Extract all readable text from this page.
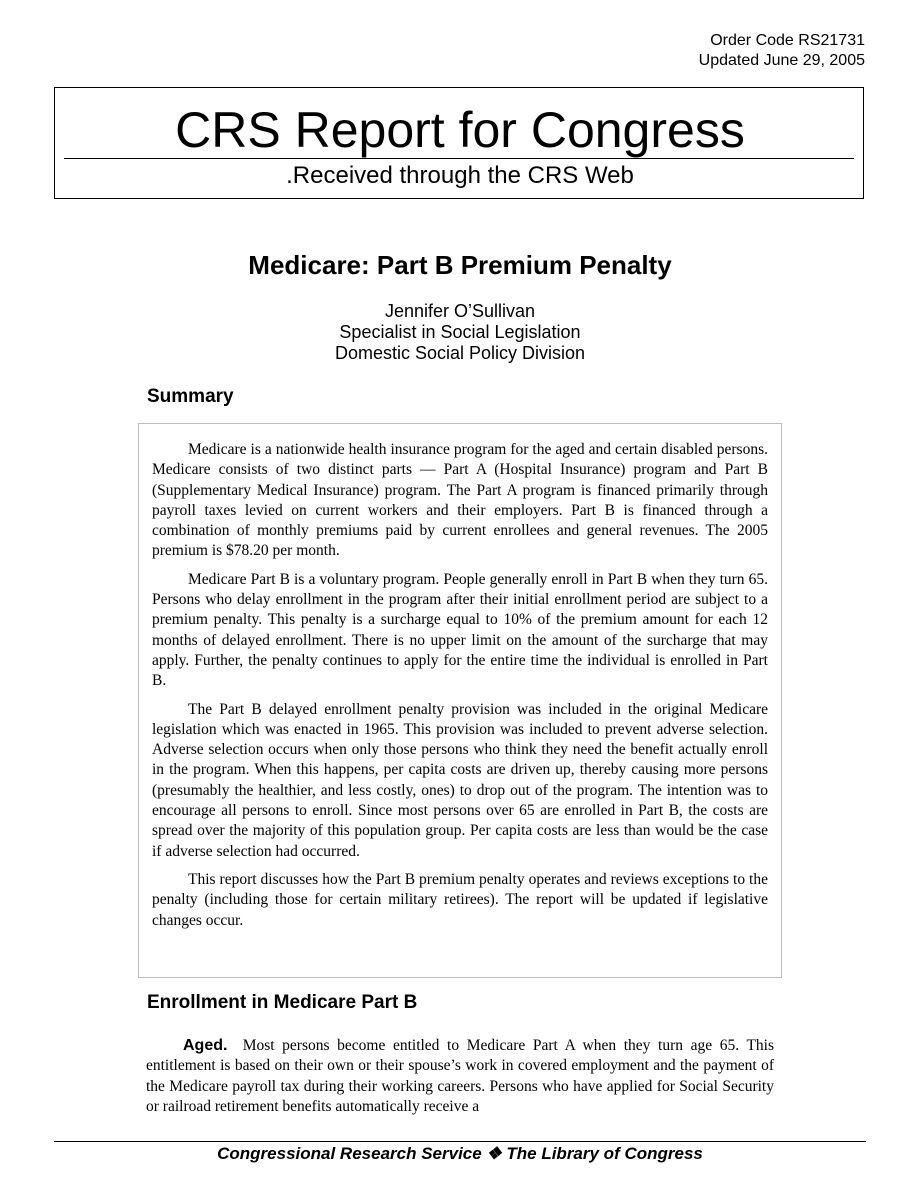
Order Code RS21731
Updated June 29, 2005
CRS Report for Congress
.Received through the CRS Web
Medicare: Part B Premium Penalty
Jennifer O’Sullivan
Specialist in Social Legislation
Domestic Social Policy Division
Summary

Medicare is a nationwide health insurance program for the aged and certain disabled persons. Medicare consists of two distinct parts — Part A (Hospital Insurance) program and Part B (Supplementary Medical Insurance) program. The Part A program is financed primarily through payroll taxes levied on current workers and their employers. Part B is financed through a combination of monthly premiums paid by current enrollees and general revenues. The 2005 premium is $78.20 per month.

Medicare Part B is a voluntary program. People generally enroll in Part B when they turn 65. Persons who delay enrollment in the program after their initial enrollment period are subject to a premium penalty. This penalty is a surcharge equal to 10% of the premium amount for each 12 months of delayed enrollment. There is no upper limit on the amount of the surcharge that may apply. Further, the penalty continues to apply for the entire time the individual is enrolled in Part B.

The Part B delayed enrollment penalty provision was included in the original Medicare legislation which was enacted in 1965. This provision was included to prevent adverse selection. Adverse selection occurs when only those persons who think they need the benefit actually enroll in the program. When this happens, per capita costs are driven up, thereby causing more persons (presumably the healthier, and less costly, ones) to drop out of the program. The intention was to encourage all persons to enroll. Since most persons over 65 are enrolled in Part B, the costs are spread over the majority of this population group. Per capita costs are less than would be the case if adverse selection had occurred.

This report discusses how the Part B premium penalty operates and reviews exceptions to the penalty (including those for certain military retirees). The report will be updated if legislative changes occur.

Enrollment in Medicare Part B

Aged. Most persons become entitled to Medicare Part A when they turn age 65. This entitlement is based on their own or their spouse’s work in covered employment and the payment of the Medicare payroll tax during their working careers. Persons who have applied for Social Security or railroad retirement benefits automatically receive a

Congressional Research Service ❖ The Library of Congress
